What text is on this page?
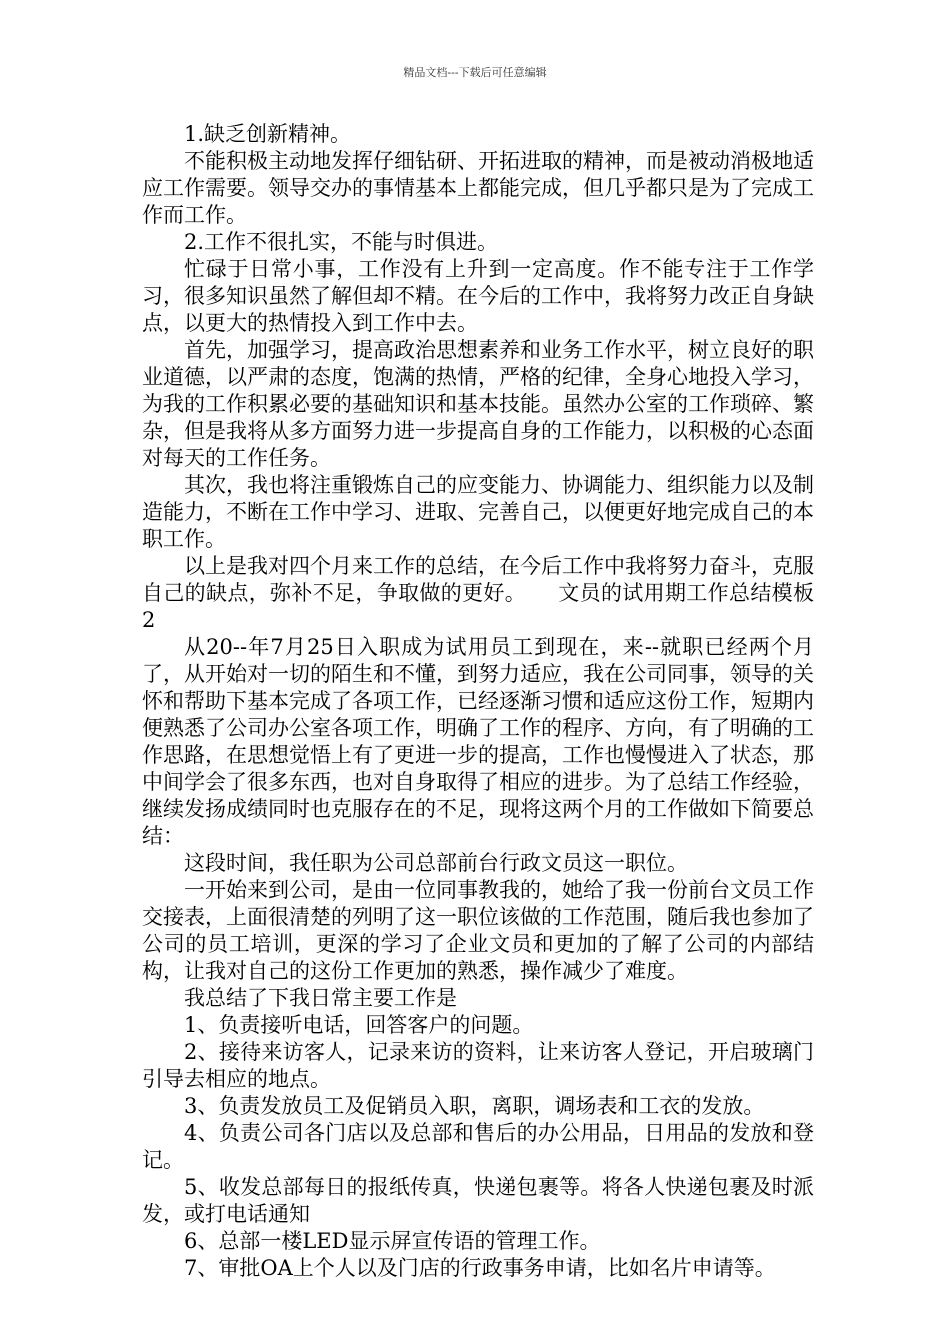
精品文档---下载后可任意编辑

1.缺乏创新精神。

不能积极主动地发挥仔细钻研、开拓进取的精神，而是被动消极地适应工作需要。领导交办的事情基本上都能完成，但几乎都只是为了完成工作而工作。

2.工作不很扎实，不能与时俱进。

忙碌于日常小事，工作没有上升到一定高度。作不能专注于工作学习，很多知识虽然了解但却不精。在今后的工作中，我将努力改正自身缺点，以更大的热情投入到工作中去。

首先，加强学习，提高政治思想素养和业务工作水平，树立良好的职业道德，以严肃的态度，饱满的热情，严格的纪律，全身心地投入学习，为我的工作积累必要的基础知识和基本技能。虽然办公室的工作琐碎、繁杂，但是我将从多方面努力进一步提高自身的工作能力，以积极的心态面对每天的工作任务。

其次，我也将注重锻炼自己的应变能力、协调能力、组织能力以及制造能力，不断在工作中学习、进取、完善自己，以便更好地完成自己的本职工作。

以上是我对四个月来工作的总结，在今后工作中我将努力奋斗，克服自己的缺点，弥补不足，争取做的更好。　　文员的试用期工作总结模板2

从20--年7月25日入职成为试用员工到现在，来--就职已经两个月了，从开始对一切的陌生和不懂，到努力适应，我在公司同事，领导的关怀和帮助下基本完成了各项工作，已经逐渐习惯和适应这份工作，短期内便熟悉了公司办公室各项工作，明确了工作的程序、方向，有了明确的工作思路，在思想觉悟上有了更进一步的提高，工作也慢慢进入了状态，那中间学会了很多东西，也对自身取得了相应的进步。为了总结工作经验，继续发扬成绩同时也克服存在的不足，现将这两个月的工作做如下简要总结：

这段时间，我任职为公司总部前台行政文员这一职位。

一开始来到公司，是由一位同事教我的，她给了我一份前台文员工作交接表，上面很清楚的列明了这一职位该做的工作范围，随后我也参加了公司的员工培训，更深的学习了企业文员和更加的了解了公司的内部结构，让我对自己的这份工作更加的熟悉，操作减少了难度。

我总结了下我日常主要工作是

1、负责接听电话，回答客户的问题。

2、接待来访客人，记录来访的资料，让来访客人登记，开启玻璃门引导去相应的地点。

3、负责发放员工及促销员入职，离职，调场表和工衣的发放。

4、负责公司各门店以及总部和售后的办公用品，日用品的发放和登记。

5、收发总部每日的报纸传真，快递包裹等。将各人快递包裹及时派发，或打电话通知

6、总部一楼LED显示屏宣传语的管理工作。

7、审批OA上个人以及门店的行政事务申请，比如名片申请等。
